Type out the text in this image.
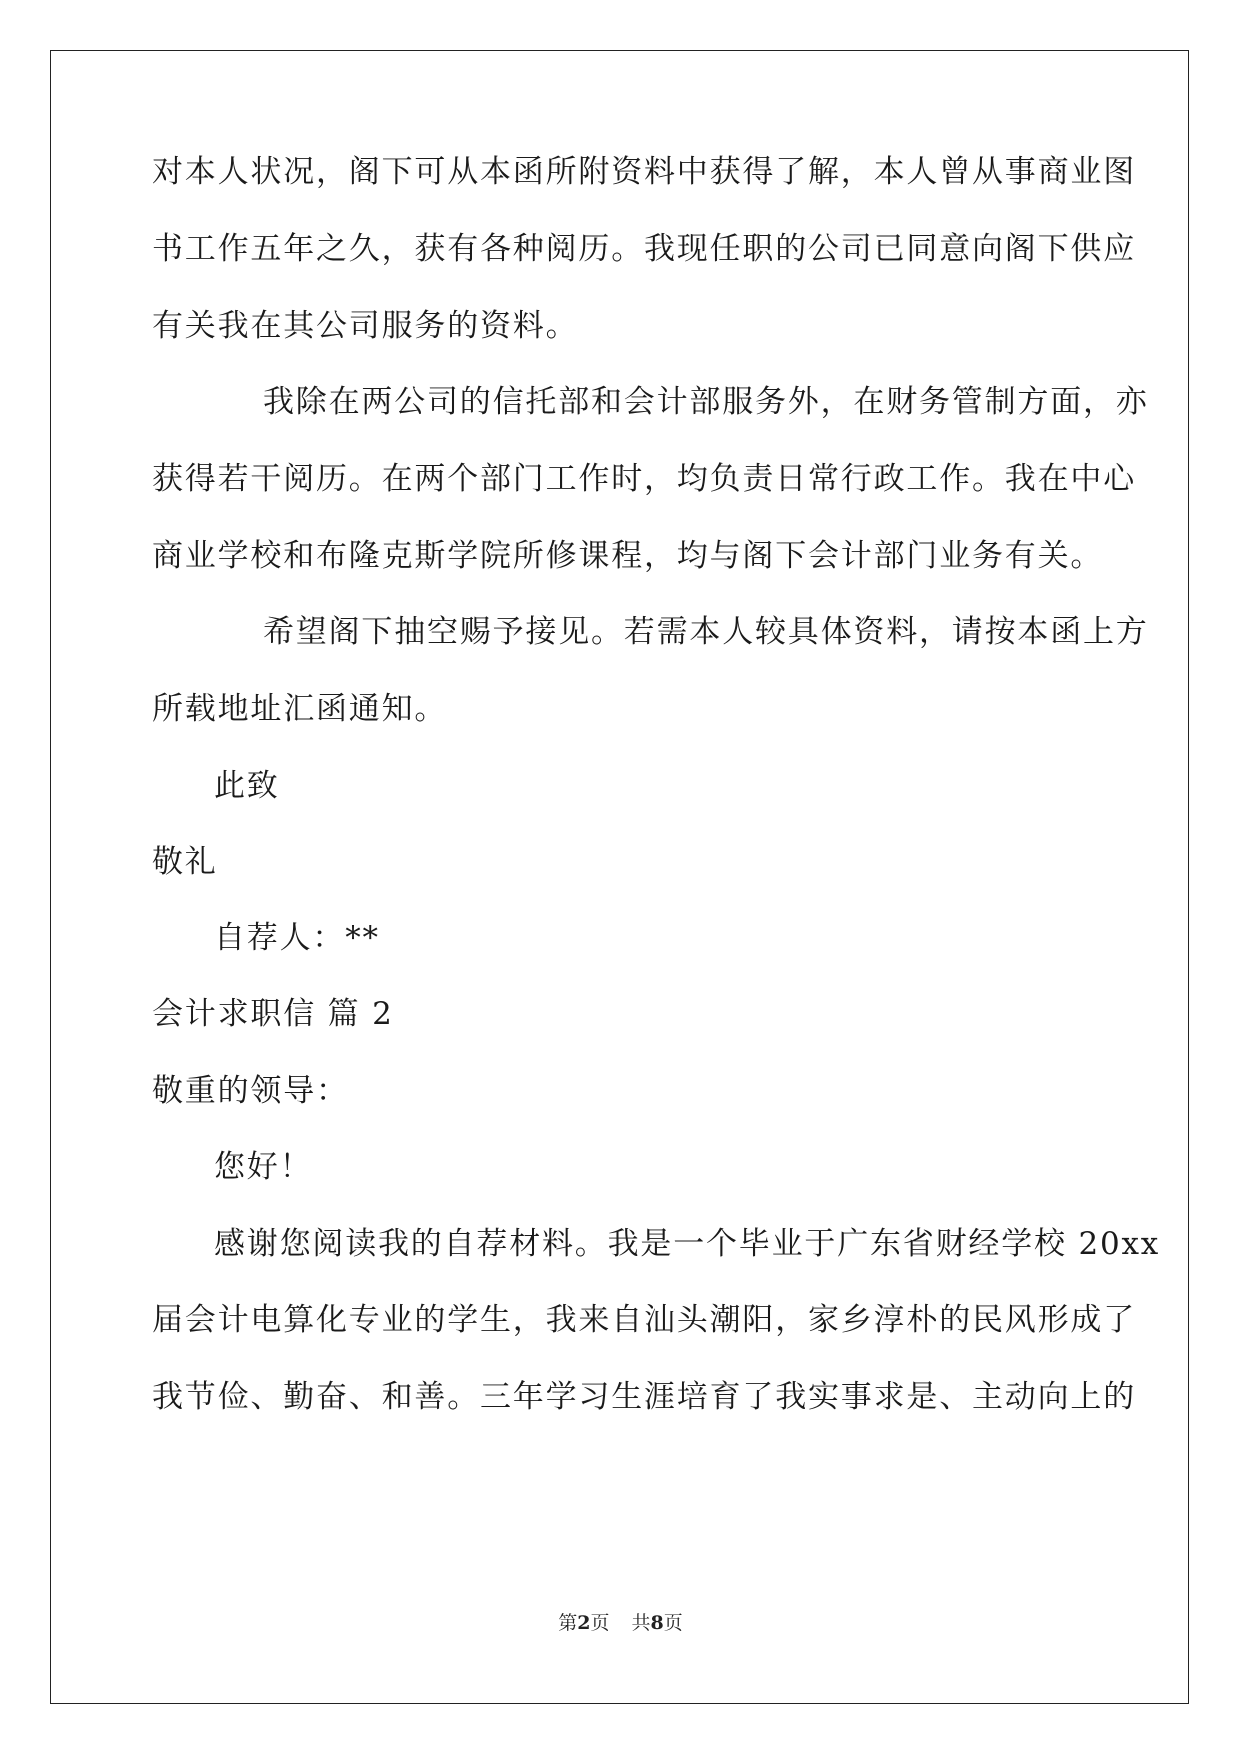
对本人状况，阁下可从本函所附资料中获得了解，本人曾从事商业图
书工作五年之久，获有各种阅历。我现任职的公司已同意向阁下供应
有关我在其公司服务的资料。
我除在两公司的信托部和会计部服务外，在财务管制方面，亦
获得若干阅历。在两个部门工作时，均负责日常行政工作。我在中心
商业学校和布隆克斯学院所修课程，均与阁下会计部门业务有关。
希望阁下抽空赐予接见。若需本人较具体资料，请按本函上方
所载地址汇函通知。
此致
敬礼
自荐人：**
会计求职信 篇 2
敬重的领导：
您好！
感谢您阅读我的自荐材料。我是一个毕业于广东省财经学校 20xx
届会计电算化专业的学生，我来自汕头潮阳，家乡淳朴的民风形成了
我节俭、勤奋、和善。三年学习生涯培育了我实事求是、主动向上的
第2页 共8页
